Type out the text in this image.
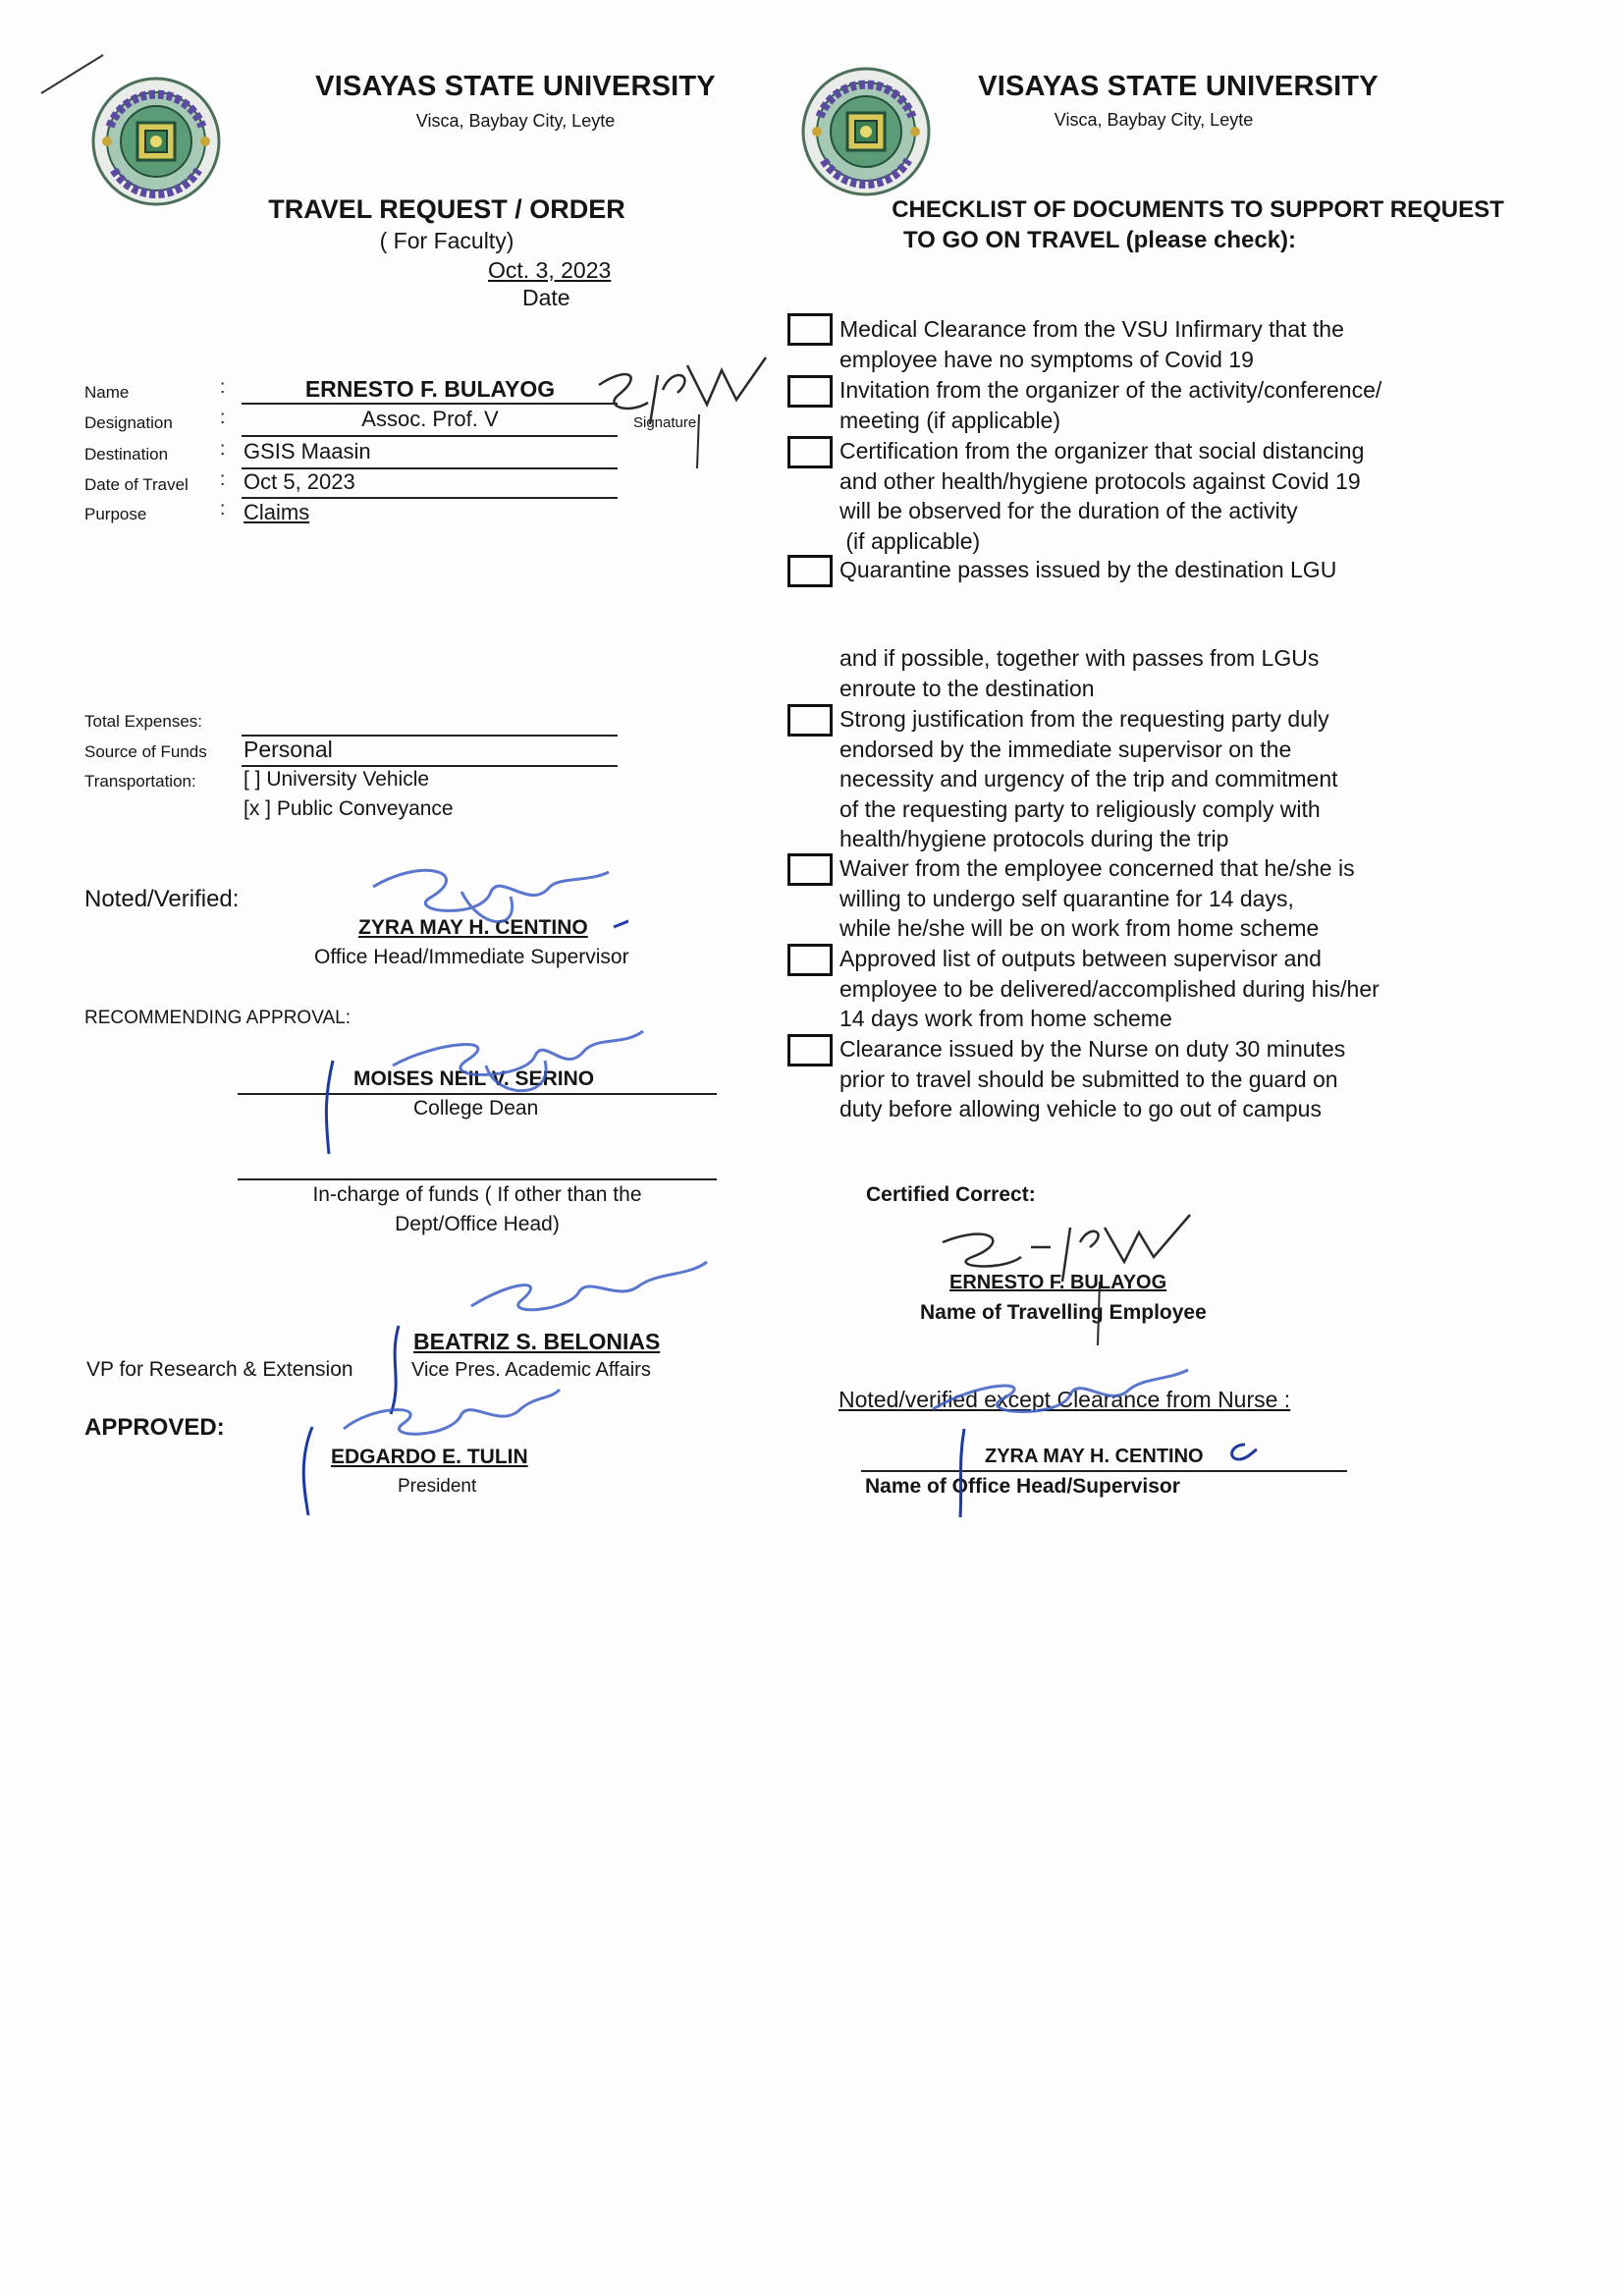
VISAYAS STATE UNIVERSITY
Visca, Baybay City, Leyte
TRAVEL REQUEST / ORDER
( For Faculty)
Oct. 3, 2023
Date
Name	:	ERNESTO F. BULAYOG
Designation	:	Assoc. Prof. V	Signature
Destination	: GSIS Maasin
Date of Travel : Oct 5, 2023
Purpose	: Claims
Total Expenses:
Source of Funds Personal
Transportation: [ ] University Vehicle
[x ] Public Conveyance
Noted/Verified:
ZYRA MAY H. CENTINO
Office Head/Immediate Supervisor
RECOMMENDING APPROVAL:
MOISES NEIL V. SERINO
College Dean
In-charge of funds ( If other than the
Dept/Office Head)
VP for Research & Extension
BEATRIZ S. BELONIAS
Vice Pres. Academic Affairs
APPROVED:
EDGARDO E. TULIN
President
VISAYAS STATE UNIVERSITY
Visca, Baybay City, Leyte
CHECKLIST OF DOCUMENTS TO SUPPORT REQUEST
TO GO ON TRAVEL (please check):
Medical Clearance from the VSU Infirmary that the
employee have no symptoms of Covid 19
Invitation from the organizer of the activity/conference/
meeting (if applicable)
Certification from the organizer that social distancing
and other health/hygiene protocols against Covid 19
will be observed for the duration of the activity
(if applicable)
Quarantine passes issued by the destination LGU
and if possible, together with passes from LGUs
enroute to the destination
Strong justification from the requesting party duly
endorsed by the immediate supervisor on the
necessity and urgency of the trip and commitment
of the requesting party to religiously comply with
health/hygiene protocols during the trip
Waiver from the employee concerned that he/she is
willing to undergo self quarantine for 14 days,
while he/she will be on work from home scheme
Approved list of outputs between supervisor and
employee to be delivered/accomplished during his/her
14 days work from home scheme
Clearance issued by the Nurse on duty 30 minutes
prior to travel should be submitted to the guard on
duty before allowing vehicle to go out of campus
Certified Correct:
ERNESTO F. BULAYOG
Name of Travelling Employee
Noted/verified except Clearance from Nurse :
ZYRA MAY H. CENTINO
Name of Office Head/Supervisor
